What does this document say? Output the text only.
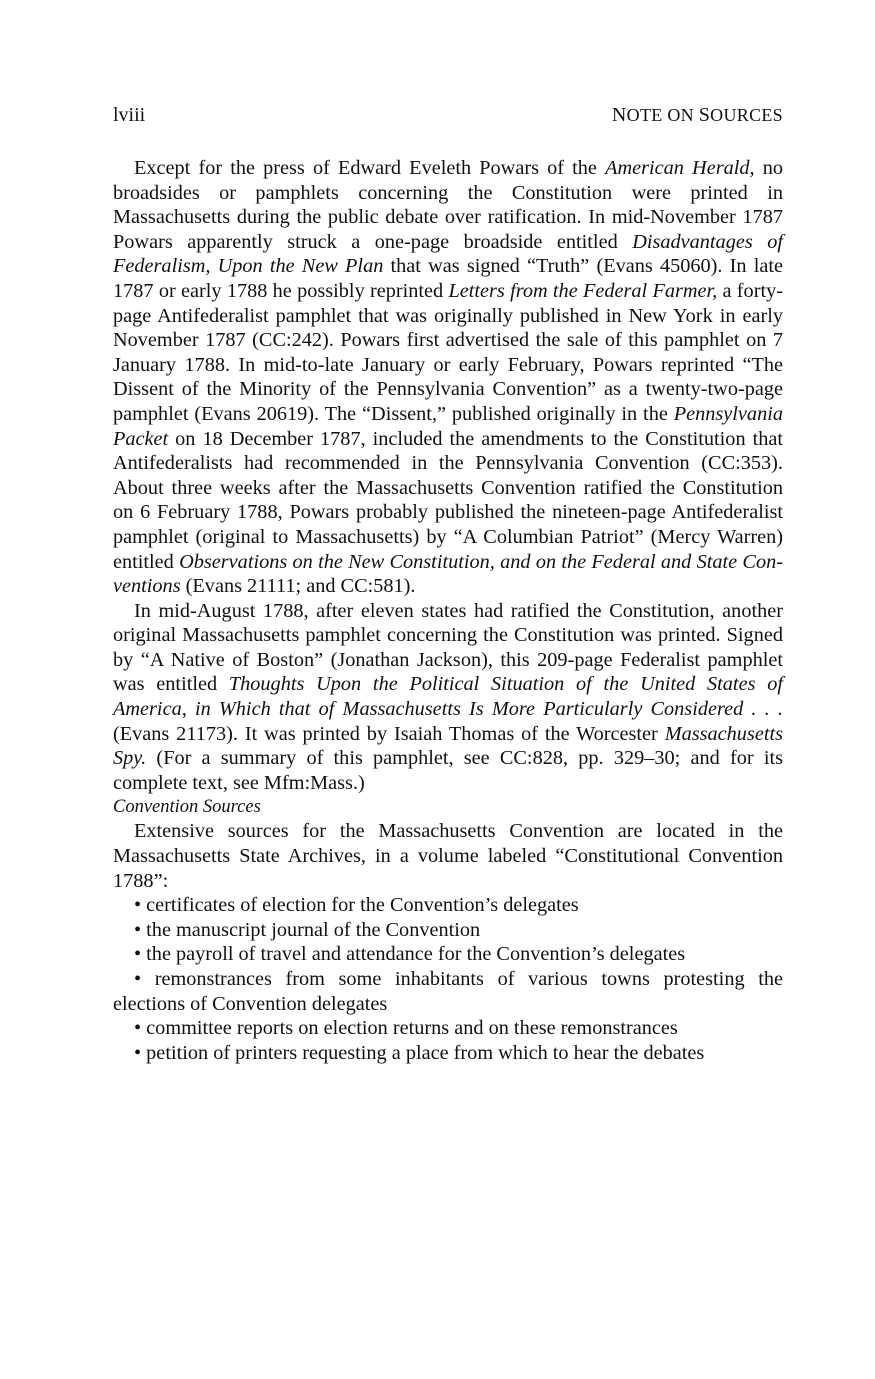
lviii	NOTE ON SOURCES

Except for the press of Edward Eveleth Powars of the American Herald, no broadsides or pamphlets concerning the Constitution were printed in Massachusetts during the public debate over ratification. In mid-November 1787 Powars apparently struck a one-page broadside entitled Disadvantages of Federalism, Upon the New Plan that was signed “Truth” (Evans 45060). In late 1787 or early 1788 he possibly reprinted Letters from the Federal Farmer, a forty-page Antifederalist pamphlet that was originally published in New York in early November 1787 (CC:242). Powars first advertised the sale of this pamphlet on 7 January 1788. In mid-to-late January or early February, Powars reprinted “The Dissent of the Minority of the Pennsylvania Convention” as a twenty-two-page pamphlet (Evans 20619). The “Dissent,” published originally in the Pennsylvania Packet on 18 December 1787, included the amendments to the Constitution that Antifederalists had recommended in the Pennsylvania Convention (CC:353). About three weeks after the Massachusetts Convention ratified the Constitution on 6 February 1788, Powars probably published the nineteen-page Antifederalist pamphlet (original to Massachusetts) by “A Columbian Patriot” (Mercy Warren) entitled Observations on the New Constitution, and on the Federal and State Conventions (Evans 21111; and CC:581).

In mid-August 1788, after eleven states had ratified the Constitution, another original Massachusetts pamphlet concerning the Constitution was printed. Signed by “A Native of Boston” (Jonathan Jackson), this 209-page Federalist pamphlet was entitled Thoughts Upon the Political Situation of the United States of America, in Which that of Massachusetts Is More Particularly Considered . . . (Evans 21173). It was printed by Isaiah Thomas of the Worcester Massachusetts Spy. (For a summary of this pamphlet, see CC:828, pp. 329–30; and for its complete text, see Mfm:Mass.)

Convention Sources

Extensive sources for the Massachusetts Convention are located in the Massachusetts State Archives, in a volume labeled “Constitutional Convention 1788”:

• certificates of election for the Convention’s delegates

• the manuscript journal of the Convention

• the payroll of travel and attendance for the Convention’s delegates

• remonstrances from some inhabitants of various towns protesting the elections of Convention delegates

• committee reports on election returns and on these remonstrances

• petition of printers requesting a place from which to hear the debates
